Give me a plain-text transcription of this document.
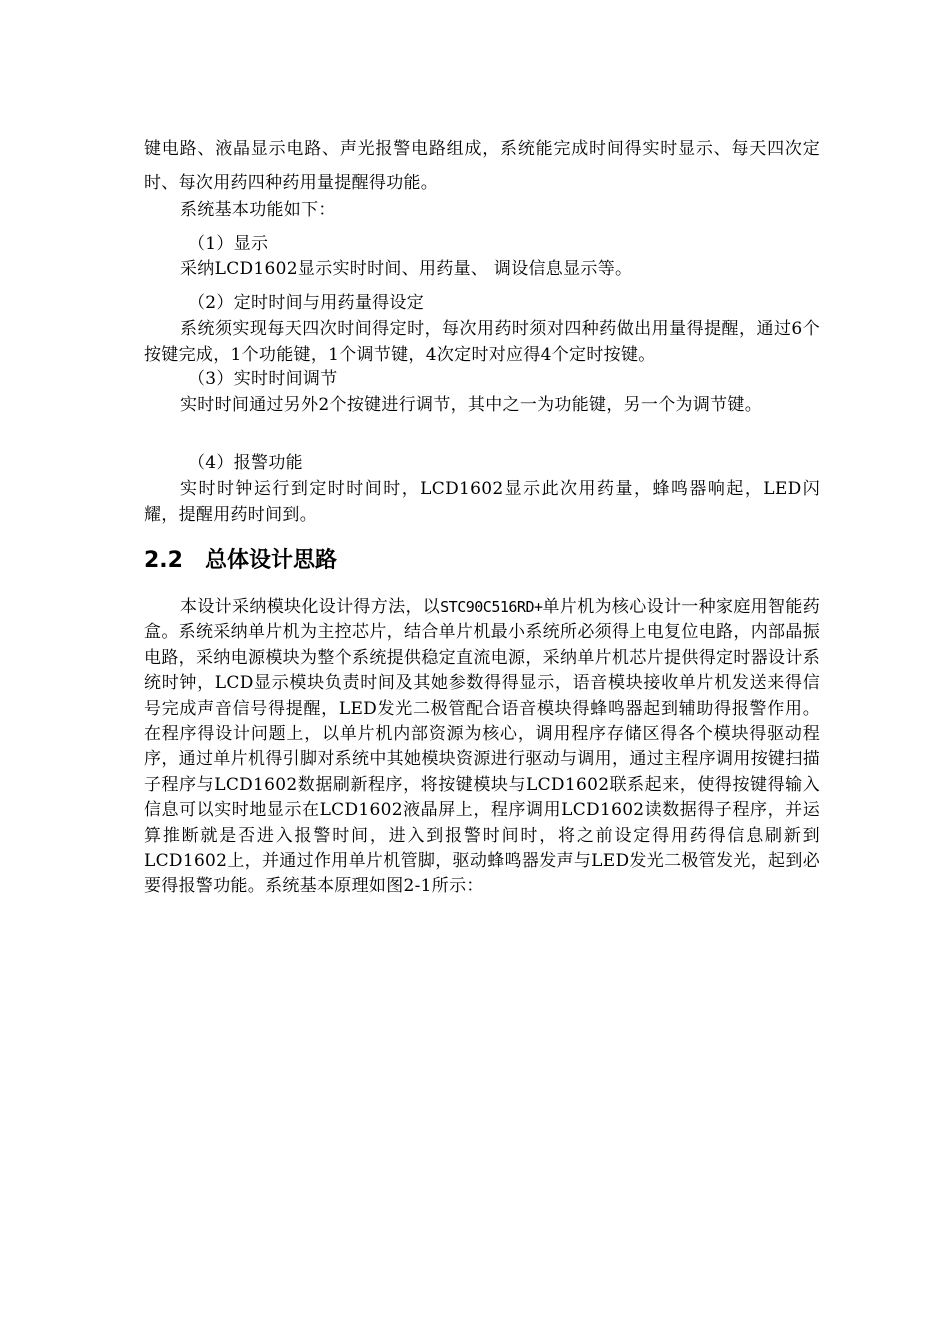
键电路、液晶显示电路、声光报警电路组成，系统能完成时间得实时显示、每天四次定时、每次用药四种药用量提醒得功能。

系统基本功能如下：

（1）显示

采纳LCD1602显示实时时间、用药量、 调设信息显示等。

（2）定时时间与用药量得设定

系统须实现每天四次时间得定时，每次用药时须对四种药做出用量得提醒，通过6个按键完成，1个功能键，1个调节键，4次定时对应得4个定时按键。

（3）实时时间调节

实时时间通过另外2个按键进行调节，其中之一为功能键，另一个为调节键。

（4）报警功能

实时时钟运行到定时时间时，LCD1602显示此次用药量，蜂鸣器响起，LED闪耀，提醒用药时间到。

2.2 总体设计思路

本设计采纳模块化设计得方法，以STC90C516RD+单片机为核心设计一种家庭用智能药盒。系统采纳单片机为主控芯片，结合单片机最小系统所必须得上电复位电路，内部晶振电路，采纳电源模块为整个系统提供稳定直流电源，采纳单片机芯片提供得定时器设计系统时钟，LCD显示模块负责时间及其她参数得得显示，语音模块接收单片机发送来得信号完成声音信号得提醒，LED发光二极管配合语音模块得蜂鸣器起到辅助得报警作用。在程序得设计问题上，以单片机内部资源为核心，调用程序存储区得各个模块得驱动程序，通过单片机得引脚对系统中其她模块资源进行驱动与调用，通过主程序调用按键扫描子程序与LCD1602数据刷新程序，将按键模块与LCD1602联系起来，使得按键得输入信息可以实时地显示在LCD1602液晶屏上，程序调用LCD1602读数据得子程序，并运算推断就是否进入报警时间，进入到报警时间时，将之前设定得用药得信息刷新到LCD1602上，并通过作用单片机管脚，驱动蜂鸣器发声与LED发光二极管发光，起到必要得报警功能。系统基本原理如图2-1所示：
